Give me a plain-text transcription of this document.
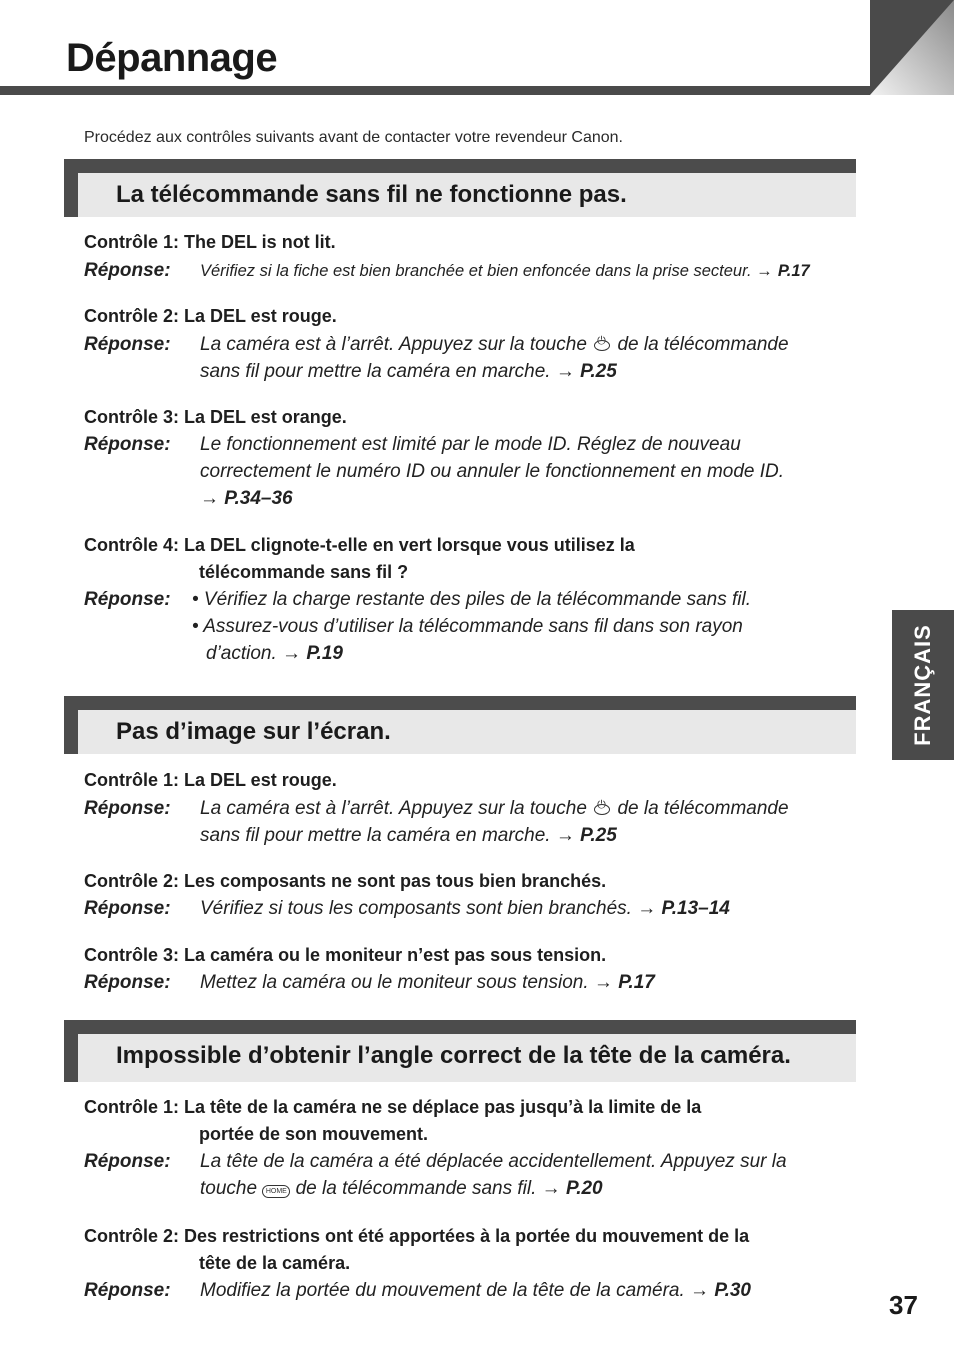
Dépannage
Procédez aux contrôles suivants avant de contacter votre revendeur Canon.
La télécommande sans fil ne fonctionne pas.
Contrôle 1: The DEL is not lit.
Réponse: Vérifiez si la fiche est bien branchée et bien enfoncée dans la prise secteur. → P.17
Contrôle 2: La DEL est rouge.
Réponse: La caméra est à l’arrêt. Appuyez sur la touche ⏻ de la télécommande
sans fil pour mettre la caméra en marche. → P.25
Contrôle 3: La DEL est orange.
Réponse: Le fonctionnement est limité par le mode ID. Réglez de nouveau
correctement le numéro ID ou annuler le fonctionnement en mode ID.
→ P.34–36
Contrôle 4: La DEL clignote-t-elle en vert lorsque vous utilisez la
télécommande sans fil ?
Réponse: • Vérifiez la charge restante des piles de la télécommande sans fil.
• Assurez-vous d’utiliser la télécommande sans fil dans son rayon
d’action. → P.19
Pas d’image sur l’écran.
Contrôle 1: La DEL est rouge.
Réponse: La caméra est à l’arrêt. Appuyez sur la touche ⏻ de la télécommande
sans fil pour mettre la caméra en marche. → P.25
Contrôle 2: Les composants ne sont pas tous bien branchés.
Réponse: Vérifiez si tous les composants sont bien branchés. → P.13–14
Contrôle 3: La caméra ou le moniteur n’est pas sous tension.
Réponse: Mettez la caméra ou le moniteur sous tension. → P.17
Impossible d’obtenir l’angle correct de la tête de la caméra.
Contrôle 1: La tête de la caméra ne se déplace pas jusqu’à la limite de la
portée de son mouvement.
Réponse: La tête de la caméra a été déplacée accidentellement. Appuyez sur la
touche HOME de la télécommande sans fil. → P.20
Contrôle 2: Des restrictions ont été apportées à la portée du mouvement de la
tête de la caméra.
Réponse: Modifiez la portée du mouvement de la tête de la caméra. → P.30
FRANÇAIS
37
